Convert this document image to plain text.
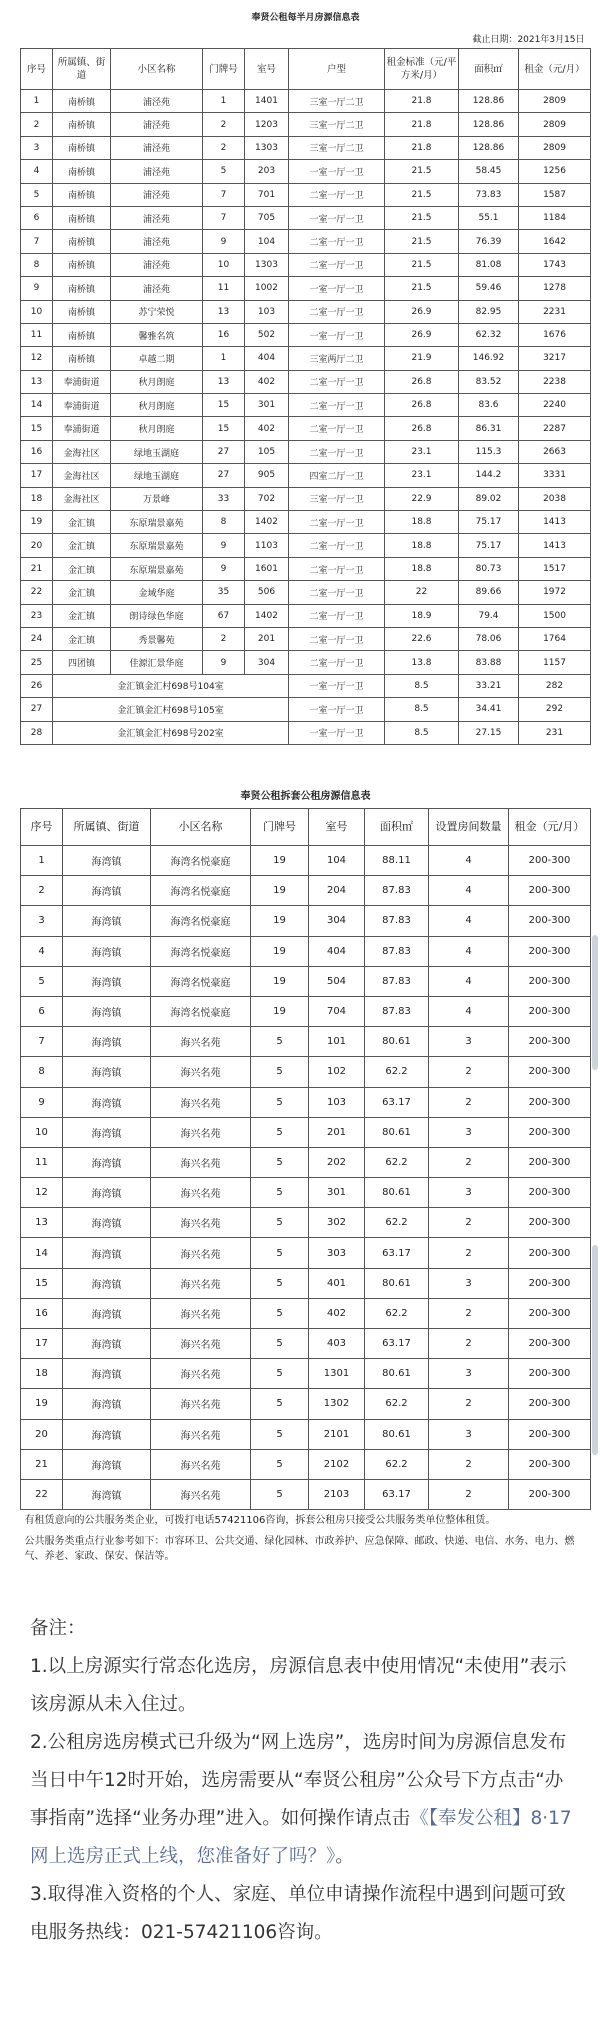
奉贤公租每半月房源信息表								
截止日期：2021年3月15日								
序号	所属镇、街道	小区名称	门牌号	室号	户型	租金标准（元/平方米/月）	面积㎡	租金（元/月）
1	南桥镇	浦泾苑	1	1401	三室一厅二卫	21.8	128.86	2809
2	南桥镇	浦泾苑	2	1203	三室一厅二卫	21.8	128.86	2809
3	南桥镇	浦泾苑	2	1303	三室一厅二卫	21.8	128.86	2809
4	南桥镇	浦泾苑	5	203	一室一厅一卫	21.5	58.45	1256
5	南桥镇	浦泾苑	7	701	二室一厅一卫	21.5	73.83	1587
6	南桥镇	浦泾苑	7	705	一室一厅一卫	21.5	55.1	1184
7	南桥镇	浦泾苑	9	104	二室一厅一卫	21.5	76.39	1642
8	南桥镇	浦泾苑	10	1303	二室一厅一卫	21.5	81.08	1743
9	南桥镇	浦泾苑	11	1002	一室一厅一卫	21.5	59.46	1278
10	南桥镇	苏宁荣悦	13	103	二室一厅一卫	26.9	82.95	2231
11	南桥镇	馨雅名筑	16	502	一室一厅一卫	26.9	62.32	1676
12	南桥镇	卓越二期	1	404	三室两厅二卫	21.9	146.92	3217
13	奉浦街道	秋月朗庭	13	402	二室一厅一卫	26.8	83.52	2238
14	奉浦街道	秋月朗庭	15	301	二室一厅一卫	26.8	83.6	2240
15	奉浦街道	秋月朗庭	15	402	二室一厅一卫	26.8	86.31	2287
16	金海社区	绿地玉湖庭	27	105	二室一厅一卫	23.1	115.3	2663
17	金海社区	绿地玉湖庭	27	905	四室二厅一卫	23.1	144.2	3331
18	金海社区	万景峰	33	702	三室一厅一卫	22.9	89.02	2038
19	金汇镇	东原瑞景嘉苑	8	1402	二室一厅一卫	18.8	75.17	1413
20	金汇镇	东原瑞景嘉苑	9	1103	二室一厅一卫	18.8	75.17	1413
21	金汇镇	东原瑞景嘉苑	9	1601	二室一厅一卫	18.8	80.73	1517
22	金汇镇	金域华庭	35	506	二室一厅一卫	22	89.66	1972
23	金汇镇	朗诗绿色华庭	67	1402	二室一厅一卫	18.9	79.4	1500
24	金汇镇	秀景馨苑	2	201	二室一厅一卫	22.6	78.06	1764
25	四团镇	佳源汇景华庭	9	304	二室一厅一卫	13.8	83.88	1157
26	金汇镇金汇村698号104室				一室一厅一卫	8.5	33.21	282
27	金汇镇金汇村698号105室				一室一厅一卫	8.5	34.41	292
28	金汇镇金汇村698号202室				一室一厅一卫	8.5	27.15	231
奉贤公租拆套公租房源信息表							
序号	所属镇、街道	小区名称	门牌号	室号	面积㎡	设置房间数量	租金（元/月）
1	海湾镇	海湾名悦豪庭	19	104	88.11	4	200-300
2	海湾镇	海湾名悦豪庭	19	204	87.83	4	200-300
3	海湾镇	海湾名悦豪庭	19	304	87.83	4	200-300
4	海湾镇	海湾名悦豪庭	19	404	87.83	4	200-300
5	海湾镇	海湾名悦豪庭	19	504	87.83	4	200-300
6	海湾镇	海湾名悦豪庭	19	704	87.83	4	200-300
7	海湾镇	海兴名苑	5	101	80.61	3	200-300
8	海湾镇	海兴名苑	5	102	62.2	2	200-300
9	海湾镇	海兴名苑	5	103	63.17	2	200-300
10	海湾镇	海兴名苑	5	201	80.61	3	200-300
11	海湾镇	海兴名苑	5	202	62.2	2	200-300
12	海湾镇	海兴名苑	5	301	80.61	3	200-300
13	海湾镇	海兴名苑	5	302	62.2	2	200-300
14	海湾镇	海兴名苑	5	303	63.17	2	200-300
15	海湾镇	海兴名苑	5	401	80.61	3	200-300
16	海湾镇	海兴名苑	5	402	62.2	2	200-300
17	海湾镇	海兴名苑	5	403	63.17	2	200-300
18	海湾镇	海兴名苑	5	1301	80.61	3	200-300
19	海湾镇	海兴名苑	5	1302	62.2	2	200-300
20	海湾镇	海兴名苑	5	2101	80.61	3	200-300
21	海湾镇	海兴名苑	5	2102	62.2	2	200-300
22	海湾镇	海兴名苑	5	2103	63.17	2	200-300
有租赁意向的公共服务类企业，可拨打电话57421106咨询，拆套公租房只接受公共服务类单位整体租赁。							
公共服务类重点行业参考如下：市容环卫、公共交通、绿化园林、市政养护、应急保障、邮政、快递、电信、水务、电力、燃气、养老、家政、保安、保洁等。							

备注：

1.以上房源实行常态化选房，房源信息表中使用情况“未使用”表示该房源从未入住过。

2.公租房选房模式已升级为“网上选房”，选房时间为房源信息发布当日中午12时开始，选房需要从“奉贤公租房”公众号下方点击“办事指南”选择“业务办理”进入。如何操作请点击《【奉发公租】8·17网上选房正式上线，您准备好了吗？》。

3.取得准入资格的个人、家庭、单位申请操作流程中遇到问题可致电服务热线：021-57421106咨询。
